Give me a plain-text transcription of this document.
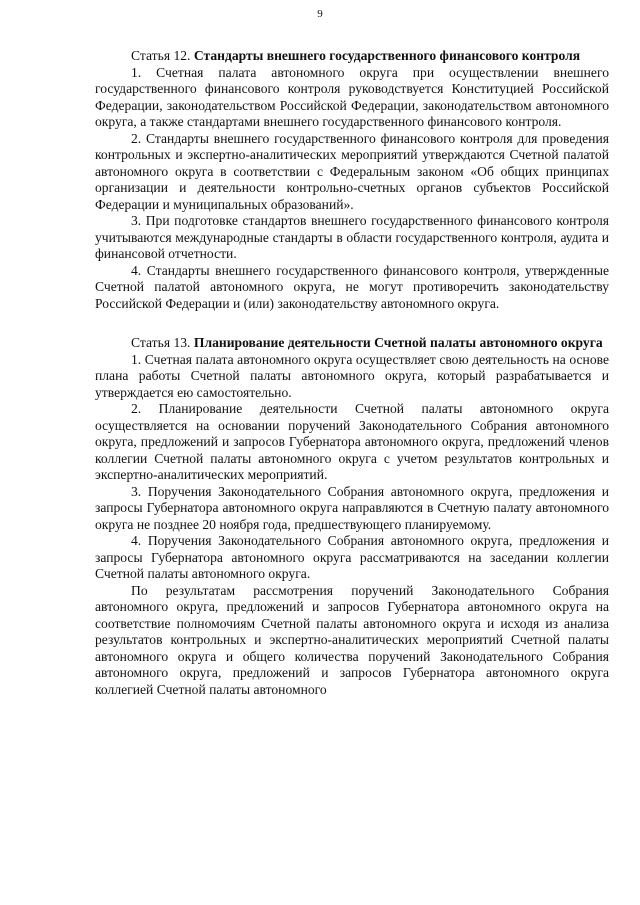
9

Статья 12. Стандарты внешнего государственного финансового контроля

1. Счетная палата автономного округа при осуществлении внешнего государственного финансового контроля руководствуется Конституцией Российской Федерации, законодательством Российской Федерации, законодательством автономного округа, а также стандартами внешнего государственного финансового контроля.

2. Стандарты внешнего государственного финансового контроля для проведения контрольных и экспертно-аналитических мероприятий утверждаются Счетной палатой автономного округа в соответствии с Федеральным законом «Об общих принципах организации и деятельности контрольно-счетных органов субъектов Российской Федерации и муниципальных образований».

3. При подготовке стандартов внешнего государственного финансового контроля учитываются международные стандарты в области государственного контроля, аудита и финансовой отчетности.

4. Стандарты внешнего государственного финансового контроля, утвержденные Счетной палатой автономного округа, не могут противоречить законодательству Российской Федерации и (или) законодательству автономного округа.

Статья 13. Планирование деятельности Счетной палаты автономного округа

1. Счетная палата автономного округа осуществляет свою деятельность на основе плана работы Счетной палаты автономного округа, который разрабатывается и утверждается ею самостоятельно.

2. Планирование деятельности Счетной палаты автономного округа осуществляется на основании поручений Законодательного Собрания автономного округа, предложений и запросов Губернатора автономного округа, предложений членов коллегии Счетной палаты автономного округа с учетом результатов контрольных и экспертно-аналитических мероприятий.

3. Поручения Законодательного Собрания автономного округа, предложения и запросы Губернатора автономного округа направляются в Счетную палату автономного округа не позднее 20 ноября года, предшествующего планируемому.

4. Поручения Законодательного Собрания автономного округа, предложения и запросы Губернатора автономного округа рассматриваются на заседании коллегии Счетной палаты автономного округа.

По результатам рассмотрения поручений Законодательного Собрания автономного округа, предложений и запросов Губернатора автономного округа на соответствие полномочиям Счетной палаты автономного округа и исходя из анализа результатов контрольных и экспертно-аналитических мероприятий Счетной палаты автономного округа и общего количества поручений Законодательного Собрания автономного округа, предложений и запросов Губернатора автономного округа коллегией Счетной палаты автономного
